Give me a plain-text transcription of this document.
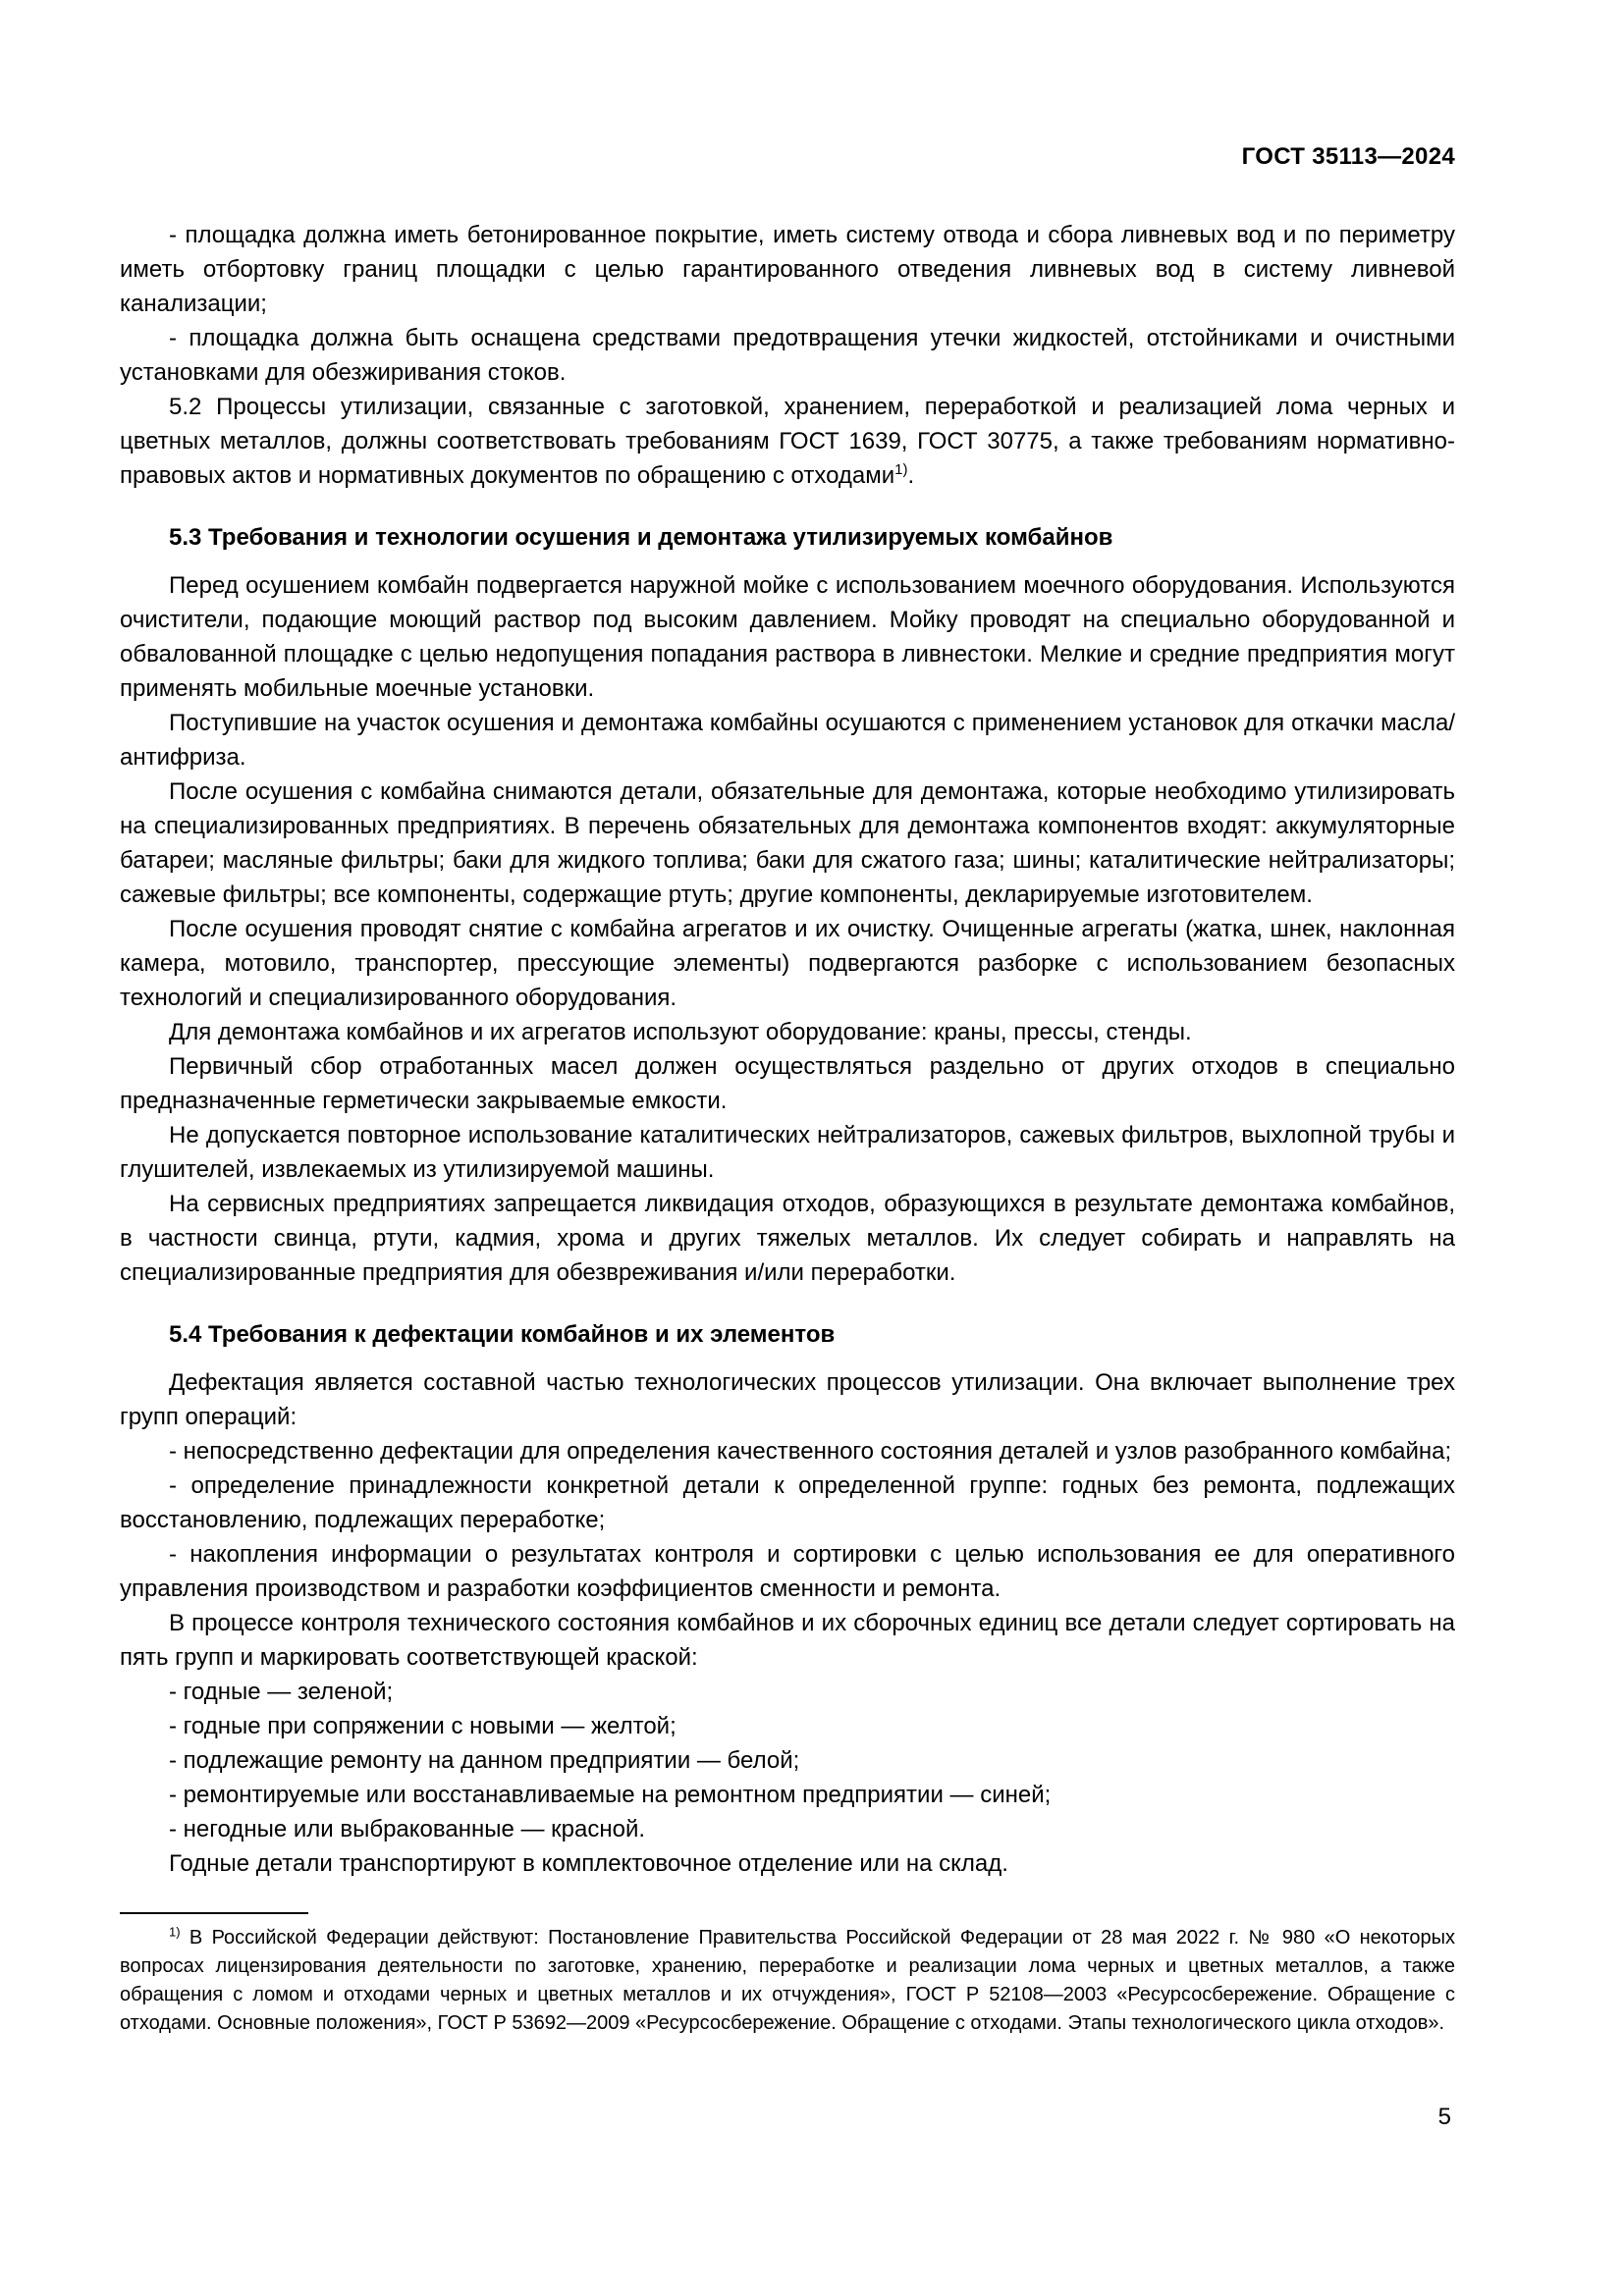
ГОСТ 35113—2024

- площадка должна иметь бетонированное покрытие, иметь систему отвода и сбора ливневых вод и по периметру иметь отбортовку границ площадки с целью гарантированного отведения ливневых вод в систему ливневой канализации;

- площадка должна быть оснащена средствами предотвращения утечки жидкостей, отстойниками и очистными установками для обезжиривания стоков.

5.2 Процессы утилизации, связанные с заготовкой, хранением, переработкой и реализацией лома черных и цветных металлов, должны соответствовать требованиям ГОСТ 1639, ГОСТ 30775, а также требованиям нормативно-правовых актов и нормативных документов по обращению с отходами$^{1)}$.

5.3 Требования и технологии осушения и демонтажа утилизируемых комбайнов

Перед осушением комбайн подвергается наружной мойке с использованием моечного оборудования. Используются очистители, подающие моющий раствор под высоким давлением. Мойку проводят на специально оборудованной и обвалованной площадке с целью недопущения попадания раствора в ливнестоки. Мелкие и средние предприятия могут применять мобильные моечные установки.

Поступившие на участок осушения и демонтажа комбайны осушаются с применением установок для откачки масла/антифриза.

После осушения с комбайна снимаются детали, обязательные для демонтажа, которые необходимо утилизировать на специализированных предприятиях. В перечень обязательных для демонтажа компонентов входят: аккумуляторные батареи; масляные фильтры; баки для жидкого топлива; баки для сжатого газа; шины; каталитические нейтрализаторы; сажевые фильтры; все компоненты, содержащие ртуть; другие компоненты, декларируемые изготовителем.

После осушения проводят снятие с комбайна агрегатов и их очистку. Очищенные агрегаты (жатка, шнек, наклонная камера, мотовило, транспортер, прессующие элементы) подвергаются разборке с использованием безопасных технологий и специализированного оборудования.

Для демонтажа комбайнов и их агрегатов используют оборудование: краны, прессы, стенды.

Первичный сбор отработанных масел должен осуществляться раздельно от других отходов в специально предназначенные герметически закрываемые емкости.

Не допускается повторное использование каталитических нейтрализаторов, сажевых фильтров, выхлопной трубы и глушителей, извлекаемых из утилизируемой машины.

На сервисных предприятиях запрещается ликвидация отходов, образующихся в результате демонтажа комбайнов, в частности свинца, ртути, кадмия, хрома и других тяжелых металлов. Их следует собирать и направлять на специализированные предприятия для обезвреживания и/или переработки.

5.4 Требования к дефектации комбайнов и их элементов

Дефектация является составной частью технологических процессов утилизации. Она включает выполнение трех групп операций:

- непосредственно дефектации для определения качественного состояния деталей и узлов разобранного комбайна;

- определение принадлежности конкретной детали к определенной группе: годных без ремонта, подлежащих восстановлению, подлежащих переработке;

- накопления информации о результатах контроля и сортировки с целью использования ее для оперативного управления производством и разработки коэффициентов сменности и ремонта.

В процессе контроля технического состояния комбайнов и их сборочных единиц все детали следует сортировать на пять групп и маркировать соответствующей краской:

- годные — зеленой;

- годные при сопряжении с новыми — желтой;

- подлежащие ремонту на данном предприятии — белой;

- ремонтируемые или восстанавливаемые на ремонтном предприятии — синей;

- негодные или выбракованные — красной.

Годные детали транспортируют в комплектовочное отделение или на склад.

$^{1)}$ В Российской Федерации действуют: Постановление Правительства Российской Федерации от 28 мая 2022 г. № 980 «О некоторых вопросах лицензирования деятельности по заготовке, хранению, переработке и реализации лома черных и цветных металлов, а также обращения с ломом и отходами черных и цветных металлов и их отчуждения», ГОСТ Р 52108—2003 «Ресурсосбережение. Обращение с отходами. Основные положения», ГОСТ Р 53692—2009 «Ресурсосбережение. Обращение с отходами. Этапы технологического цикла отходов».

5
